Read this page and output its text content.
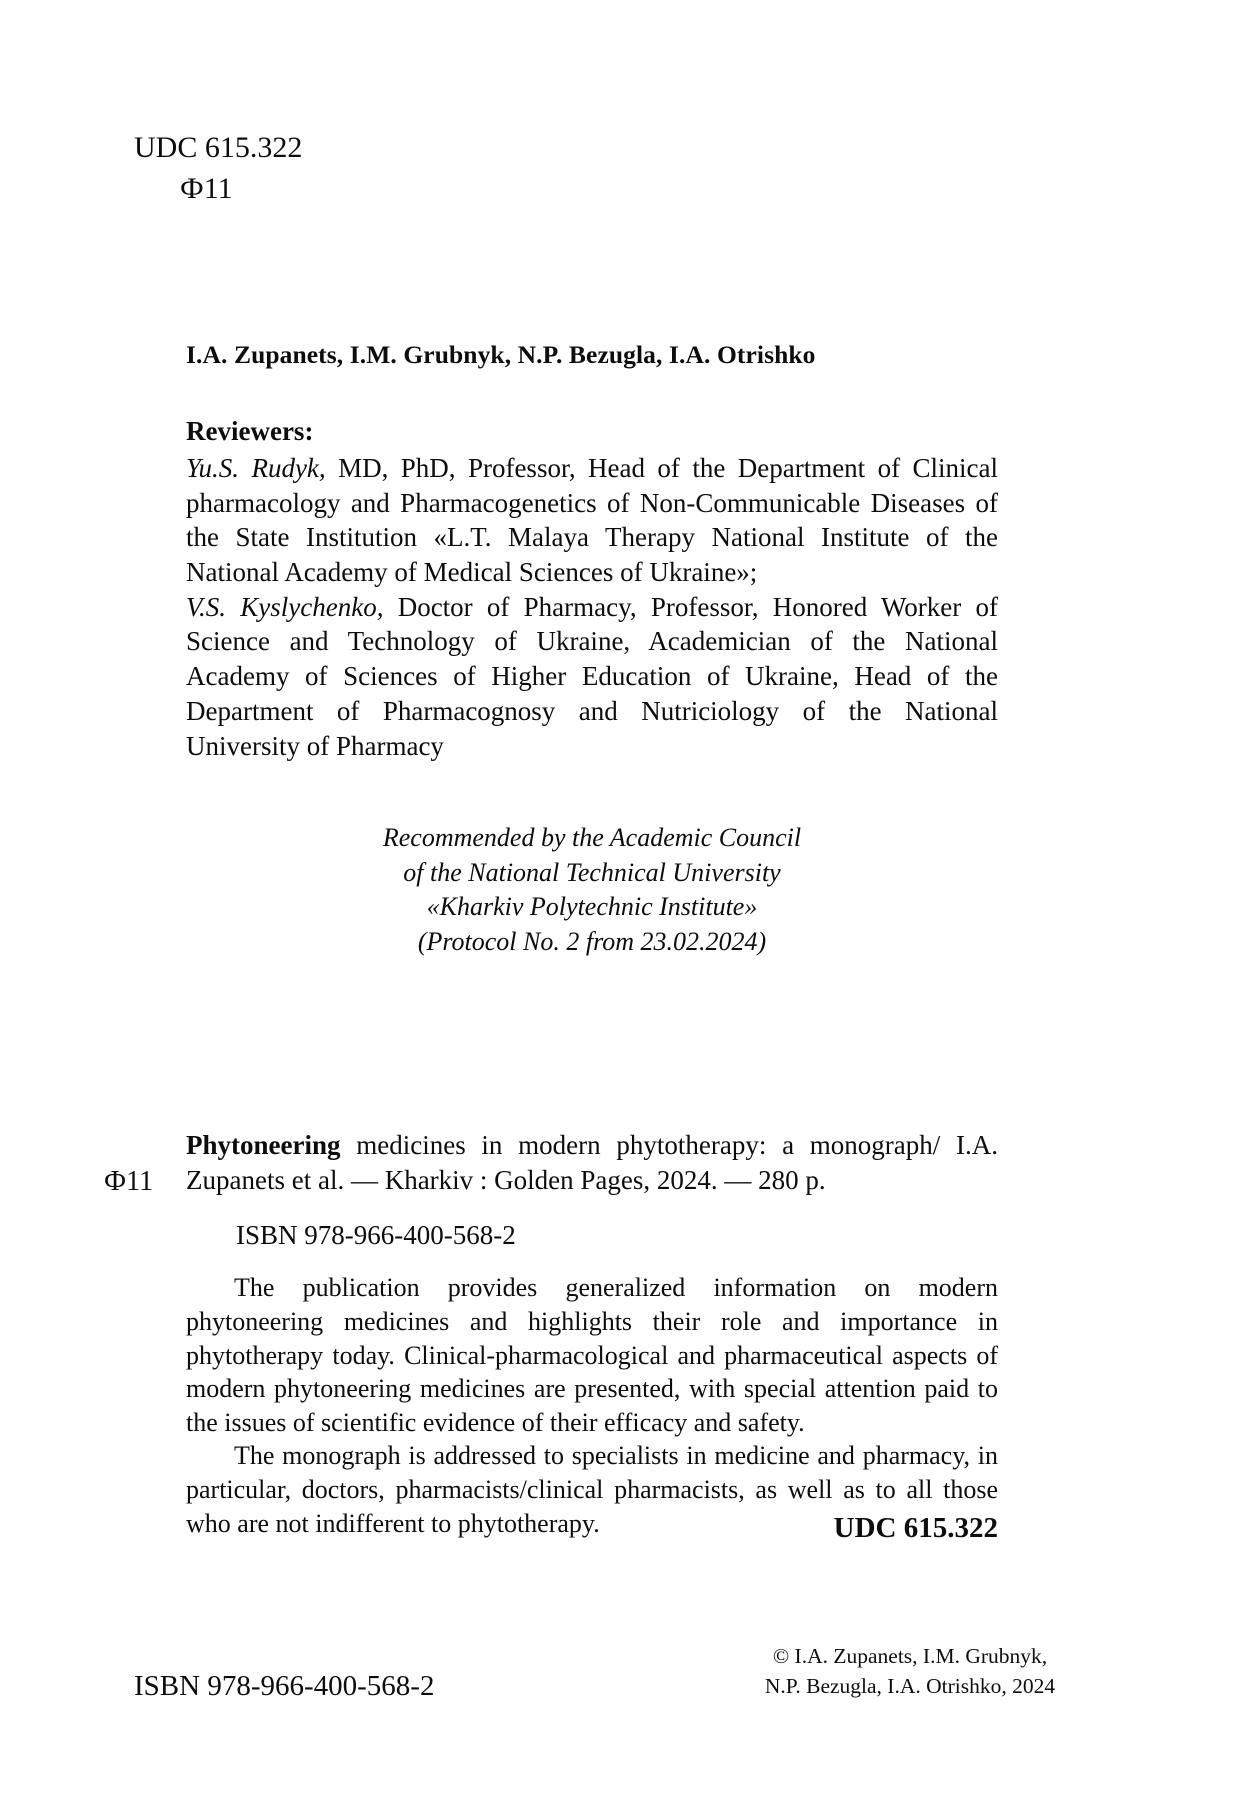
UDC 615.322
Ф11
I.A. Zupanets, I.M. Grubnyk, N.P. Bezugla, I.A. Otrishko
Reviewers:

Yu.S. Rudyk, MD, PhD, Professor, Head of the Department of Clinical pharmacology and Pharmacogenetics of Non-Communicable Diseases of the State Institution «L.T. Malaya Therapy National Institute of the National Academy of Medical Sciences of Ukraine»;

V.S. Kyslychenko, Doctor of Pharmacy, Professor, Honored Worker of Science and Technology of Ukraine, Academician of the National Academy of Sciences of Higher Education of Ukraine, Head of the Department of Pharmacognosy and Nutriciology of the National University of Pharmacy

Recommended by the Academic Council
of the National Technical University
«Kharkiv Polytechnic Institute»
(Protocol No. 2 from 23.02.2024)
Ф11

Phytoneering medicines in modern phytotherapy: a monograph/ I.A. Zupanets et al. — Kharkiv : Golden Pages, 2024. — 280 p.

ISBN 978-966-400-568-2

The publication provides generalized information on modern phytoneering medicines and highlights their role and importance in phytotherapy today. Clinical-pharmacological and pharmaceutical aspects of modern phytoneering medicines are presented, with special attention paid to the issues of scientific evidence of their efficacy and safety.

The monograph is addressed to specialists in medicine and pharmacy, in particular, doctors, pharmacists/clinical pharmacists, as well as to all those who are not indifferent to phytotherapy.	UDC 615.322
ISBN 978-966-400-568-2
© I.A. Zupanets, I.M. Grubnyk,
N.P. Bezugla, I.A. Otrishko, 2024
